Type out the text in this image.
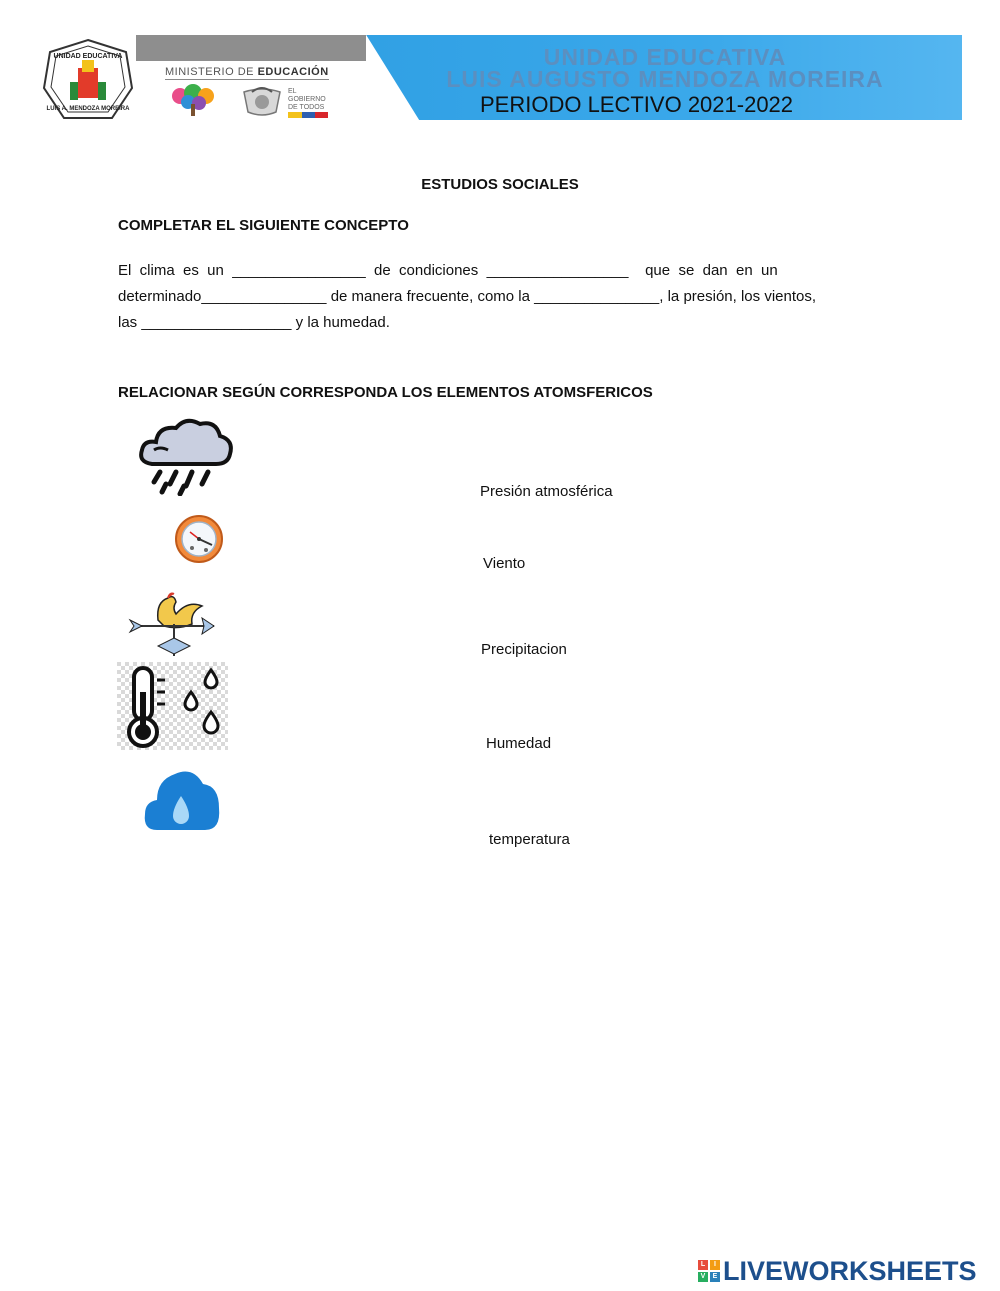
UNIDAD EDUCATIVA
LUIS A. MENDOZA MOREIRA
MINISTERIO DE EDUCACIÓN
EL
GOBIERNO
DE TODOS
UNIDAD EDUCATIVA
LUIS AUGUSTO MENDOZA MOREIRA
PERIODO LECTIVO 2021-2022
ESTUDIOS SOCIALES
COMPLETAR EL SIGUIENTE CONCEPTO
El  clima  es  un  ________________  de  condiciones  _________________    que  se  dan  en  un
determinado_______________ de manera frecuente, como la _______________, la presión, los vientos,
las __________________ y la humedad.
RELACIONAR SEGÚN CORRESPONDA LOS ELEMENTOS ATOMSFERICOS
Presión atmosférica
Viento
Precipitacion
Humedad
temperatura
L	I
V	E LIVEWORKSHEETS
